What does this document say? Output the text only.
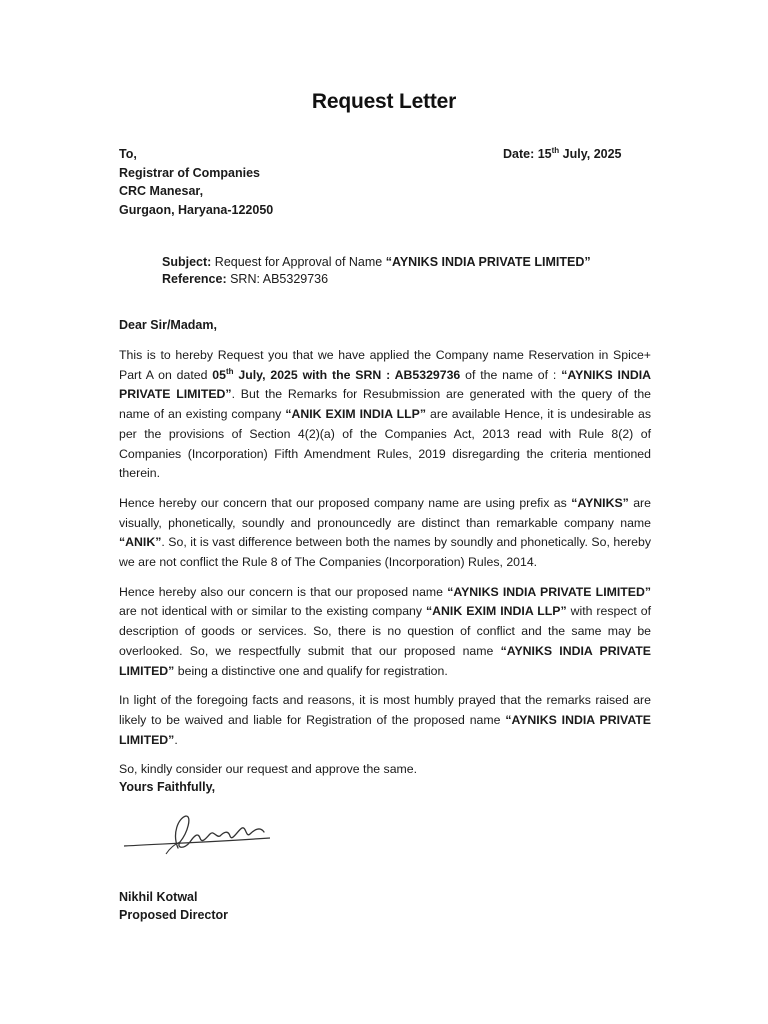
Request Letter
To,
Registrar of Companies
CRC Manesar,
Gurgaon, Haryana-122050
Date: 15th July, 2025
Subject: Request for Approval of Name “AYNIKS INDIA PRIVATE LIMITED”
Reference: SRN: AB5329736
Dear Sir/Madam,

This is to hereby Request you that we have applied the Company name Reservation in Spice+ Part A on dated 05th July, 2025 with the SRN : AB5329736 of the name of : “AYNIKS INDIA PRIVATE LIMITED”. But the Remarks for Resubmission are generated with the query of the name of an existing company “ANIK EXIM INDIA LLP” are available Hence, it is undesirable as per the provisions of Section 4(2)(a) of the Companies Act, 2013 read with Rule 8(2) of Companies (Incorporation) Fifth Amendment Rules, 2019 disregarding the criteria mentioned therein.

Hence hereby our concern that our proposed company name are using prefix as “AYNIKS” are visually, phonetically, soundly and pronouncedly are distinct than remarkable company name “ANIK”. So, it is vast difference between both the names by soundly and phonetically. So, hereby we are not conflict the Rule 8 of The Companies (Incorporation) Rules, 2014.

Hence hereby also our concern is that our proposed name “AYNIKS INDIA PRIVATE LIMITED” are not identical with or similar to the existing company “ANIK EXIM INDIA LLP” with respect of description of goods or services. So, there is no question of conflict and the same may be overlooked. So, we respectfully submit that our proposed name “AYNIKS INDIA PRIVATE LIMITED” being a distinctive one and qualify for registration.

In light of the foregoing facts and reasons, it is most humbly prayed that the remarks raised are likely to be waived and liable for Registration of the proposed name “AYNIKS INDIA PRIVATE LIMITED”.

So, kindly consider our request and approve the same.

Yours Faithfully,
Nikhil Kotwal
Proposed Director
